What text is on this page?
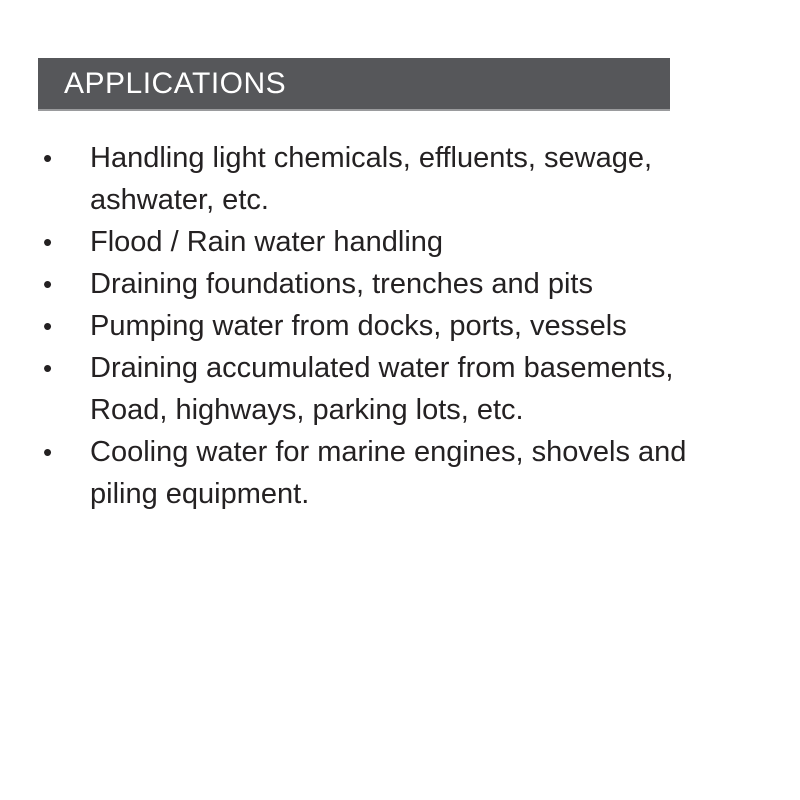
APPLICATIONS
•	Handling light chemicals, effluents, sewage,
ashwater, etc.
•	Flood / Rain water handling
•	Draining foundations, trenches and pits
•	Pumping water from docks, ports, vessels
•	Draining accumulated water from basements,
Road, highways, parking lots, etc.
•	Cooling water for marine engines, shovels and
piling equipment.
